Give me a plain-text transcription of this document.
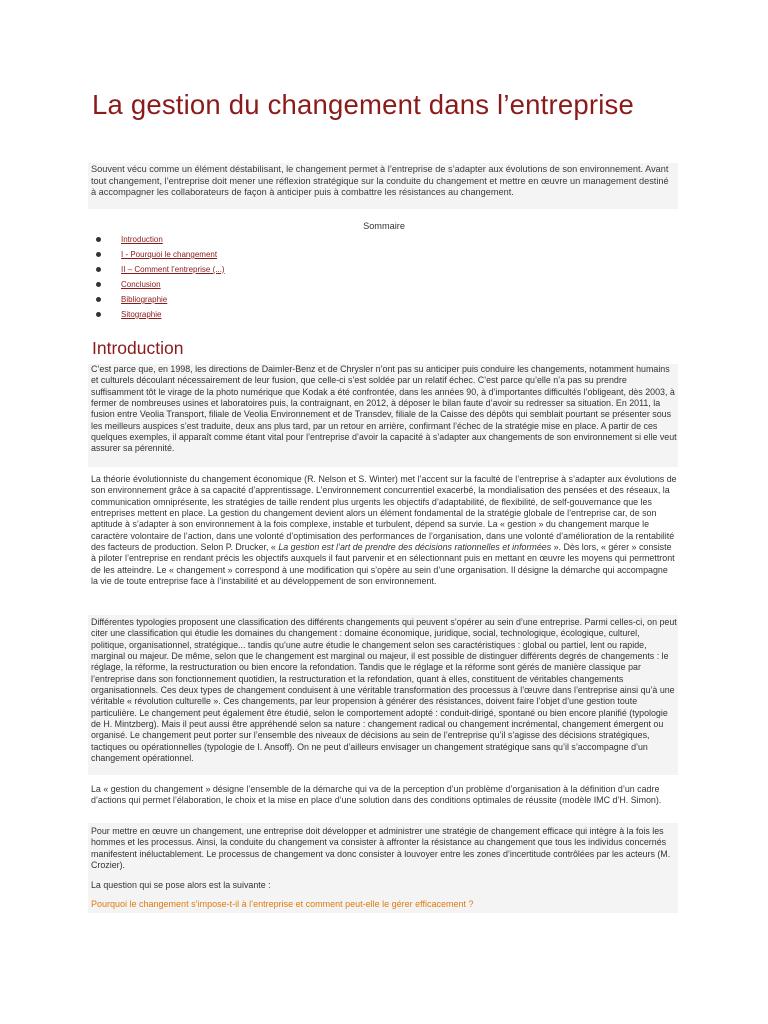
La gestion du changement dans l’entreprise

Souvent vécu comme un élément déstabilisant, le changement permet à l’entreprise de s’adapter aux évolutions de son environnement. Avant tout changement, l’entreprise doit mener une réflexion stratégique sur la conduite du changement et mettre en œuvre un management destiné à accompagner les collaborateurs de façon à anticiper puis à combattre les résistances au changement.

Sommaire
Introduction
I - Pourquoi le changement
II – Comment l’entreprise (...)
Conclusion
Bibliographie
Sitographie
Introduction

C’est parce que, en 1998, les directions de Daimler-Benz et de Chrysler n’ont pas su anticiper puis conduire les changements, notamment humains et culturels découlant nécessairement de leur fusion, que celle-ci s’est soldée par un relatif échec. C’est parce qu’elle n’a pas su prendre suffisamment tôt le virage de la photo numérique que Kodak a été confrontée, dans les années 90, à d’importantes difficultés l’obligeant, dès 2003, à fermer de nombreuses usines et laboratoires puis, la contraignant, en 2012, à déposer le bilan faute d’avoir su redresser sa situation. En 2011, la fusion entre Veolia Transport, filiale de Veolia Environnement et de Transdev, filiale de la Caisse des dépôts qui semblait pourtant se présenter sous les meilleurs auspices s’est traduite, deux ans plus tard, par un retour en arrière, confirmant l’échec de la stratégie mise en place. A partir de ces quelques exemples, il apparaît comme étant vital pour l’entreprise d’avoir la capacité à s’adapter aux changements de son environnement si elle veut assurer sa pérennité.

La théorie évolutionniste du changement économique (R. Nelson et S. Winter) met l’accent sur la faculté de l’entreprise à s’adapter aux évolutions de son environnement grâce à sa capacité d’apprentissage. L’environnement concurrentiel exacerbé, la mondialisation des pensées et des réseaux, la communication omniprésente, les stratégies de taille rendent plus urgents les objectifs d’adaptabilité, de flexibilité, de self-gouvernance que les entreprises mettent en place. La gestion du changement devient alors un élément fondamental de la stratégie globale de l’entreprise car, de son aptitude à s’adapter à son environnement à la fois complexe, instable et turbulent, dépend sa survie. La « gestion » du changement marque le caractère volontaire de l’action, dans une volonté d’optimisation des performances de l’organisation, dans une volonté d’amélioration de la rentabilité des facteurs de production. Selon P. Drucker, « La gestion est l’art de prendre des décisions rationnelles et informées ». Dès lors, « gérer » consiste à piloter l’entreprise en rendant précis les objectifs auxquels il faut parvenir et en sélectionnant puis en mettant en œuvre les moyens qui permettront de les atteindre. Le « changement » correspond à une modification qui s’opère au sein d’une organisation. Il désigne la démarche qui accompagne la vie de toute entreprise face à l’instabilité et au développement de son environnement.

Différentes typologies proposent une classification des différents changements qui peuvent s’opérer au sein d’une entreprise. Parmi celles-ci, on peut citer une classification qui étudie les domaines du changement : domaine économique, juridique, social, technologique, écologique, culturel, politique, organisationnel, stratégique... tandis qu’une autre étudie le changement selon ses caractéristiques : global ou partiel, lent ou rapide, marginal ou majeur. De même, selon que le changement est marginal ou majeur, il est possible de distinguer différents degrés de changements : le réglage, la réforme, la restructuration ou bien encore la refondation. Tandis que le réglage et la réforme sont gérés de manière classique par l’entreprise dans son fonctionnement quotidien, la restructuration et la refondation, quant à elles, constituent de véritables changements organisationnels. Ces deux types de changement conduisent à une véritable transformation des processus à l’œuvre dans l’entreprise ainsi qu’à une véritable « révolution culturelle ». Ces changements, par leur propension à générer des résistances, doivent faire l’objet d’une gestion toute particulière. Le changement peut également être étudié, selon le comportement adopté : conduit-dirigé, spontané ou bien encore planifié (typologie de H. Mintzberg). Mais il peut aussi être appréhendé selon sa nature : changement radical ou changement incrémental, changement émergent ou organisé. Le changement peut porter sur l’ensemble des niveaux de décisions au sein de l’entreprise qu’il s’agisse des décisions stratégiques, tactiques ou opérationnelles (typologie de I. Ansoff). On ne peut d’ailleurs envisager un changement stratégique sans qu’il s’accompagne d’un changement opérationnel.

La « gestion du changement » désigne l’ensemble de la démarche qui va de la perception d’un problème d’organisation à la définition d’un cadre d’actions qui permet l’élaboration, le choix et la mise en place d’une solution dans des conditions optimales de réussite (modèle IMC d’H. Simon).

Pour mettre en œuvre un changement, une entreprise doit développer et administrer une stratégie de changement efficace qui intègre à la fois les hommes et les processus. Ainsi, la conduite du changement va consister à affronter la résistance au changement que tous les individus concernés manifestent inéluctablement. Le processus de changement va donc consister à louvoyer entre les zones d’incertitude contrôlées par les acteurs (M. Crozier).

La question qui se pose alors est la suivante :

Pourquoi le changement s’impose-t-il à l’entreprise et comment peut-elle le gérer efficacement ?
